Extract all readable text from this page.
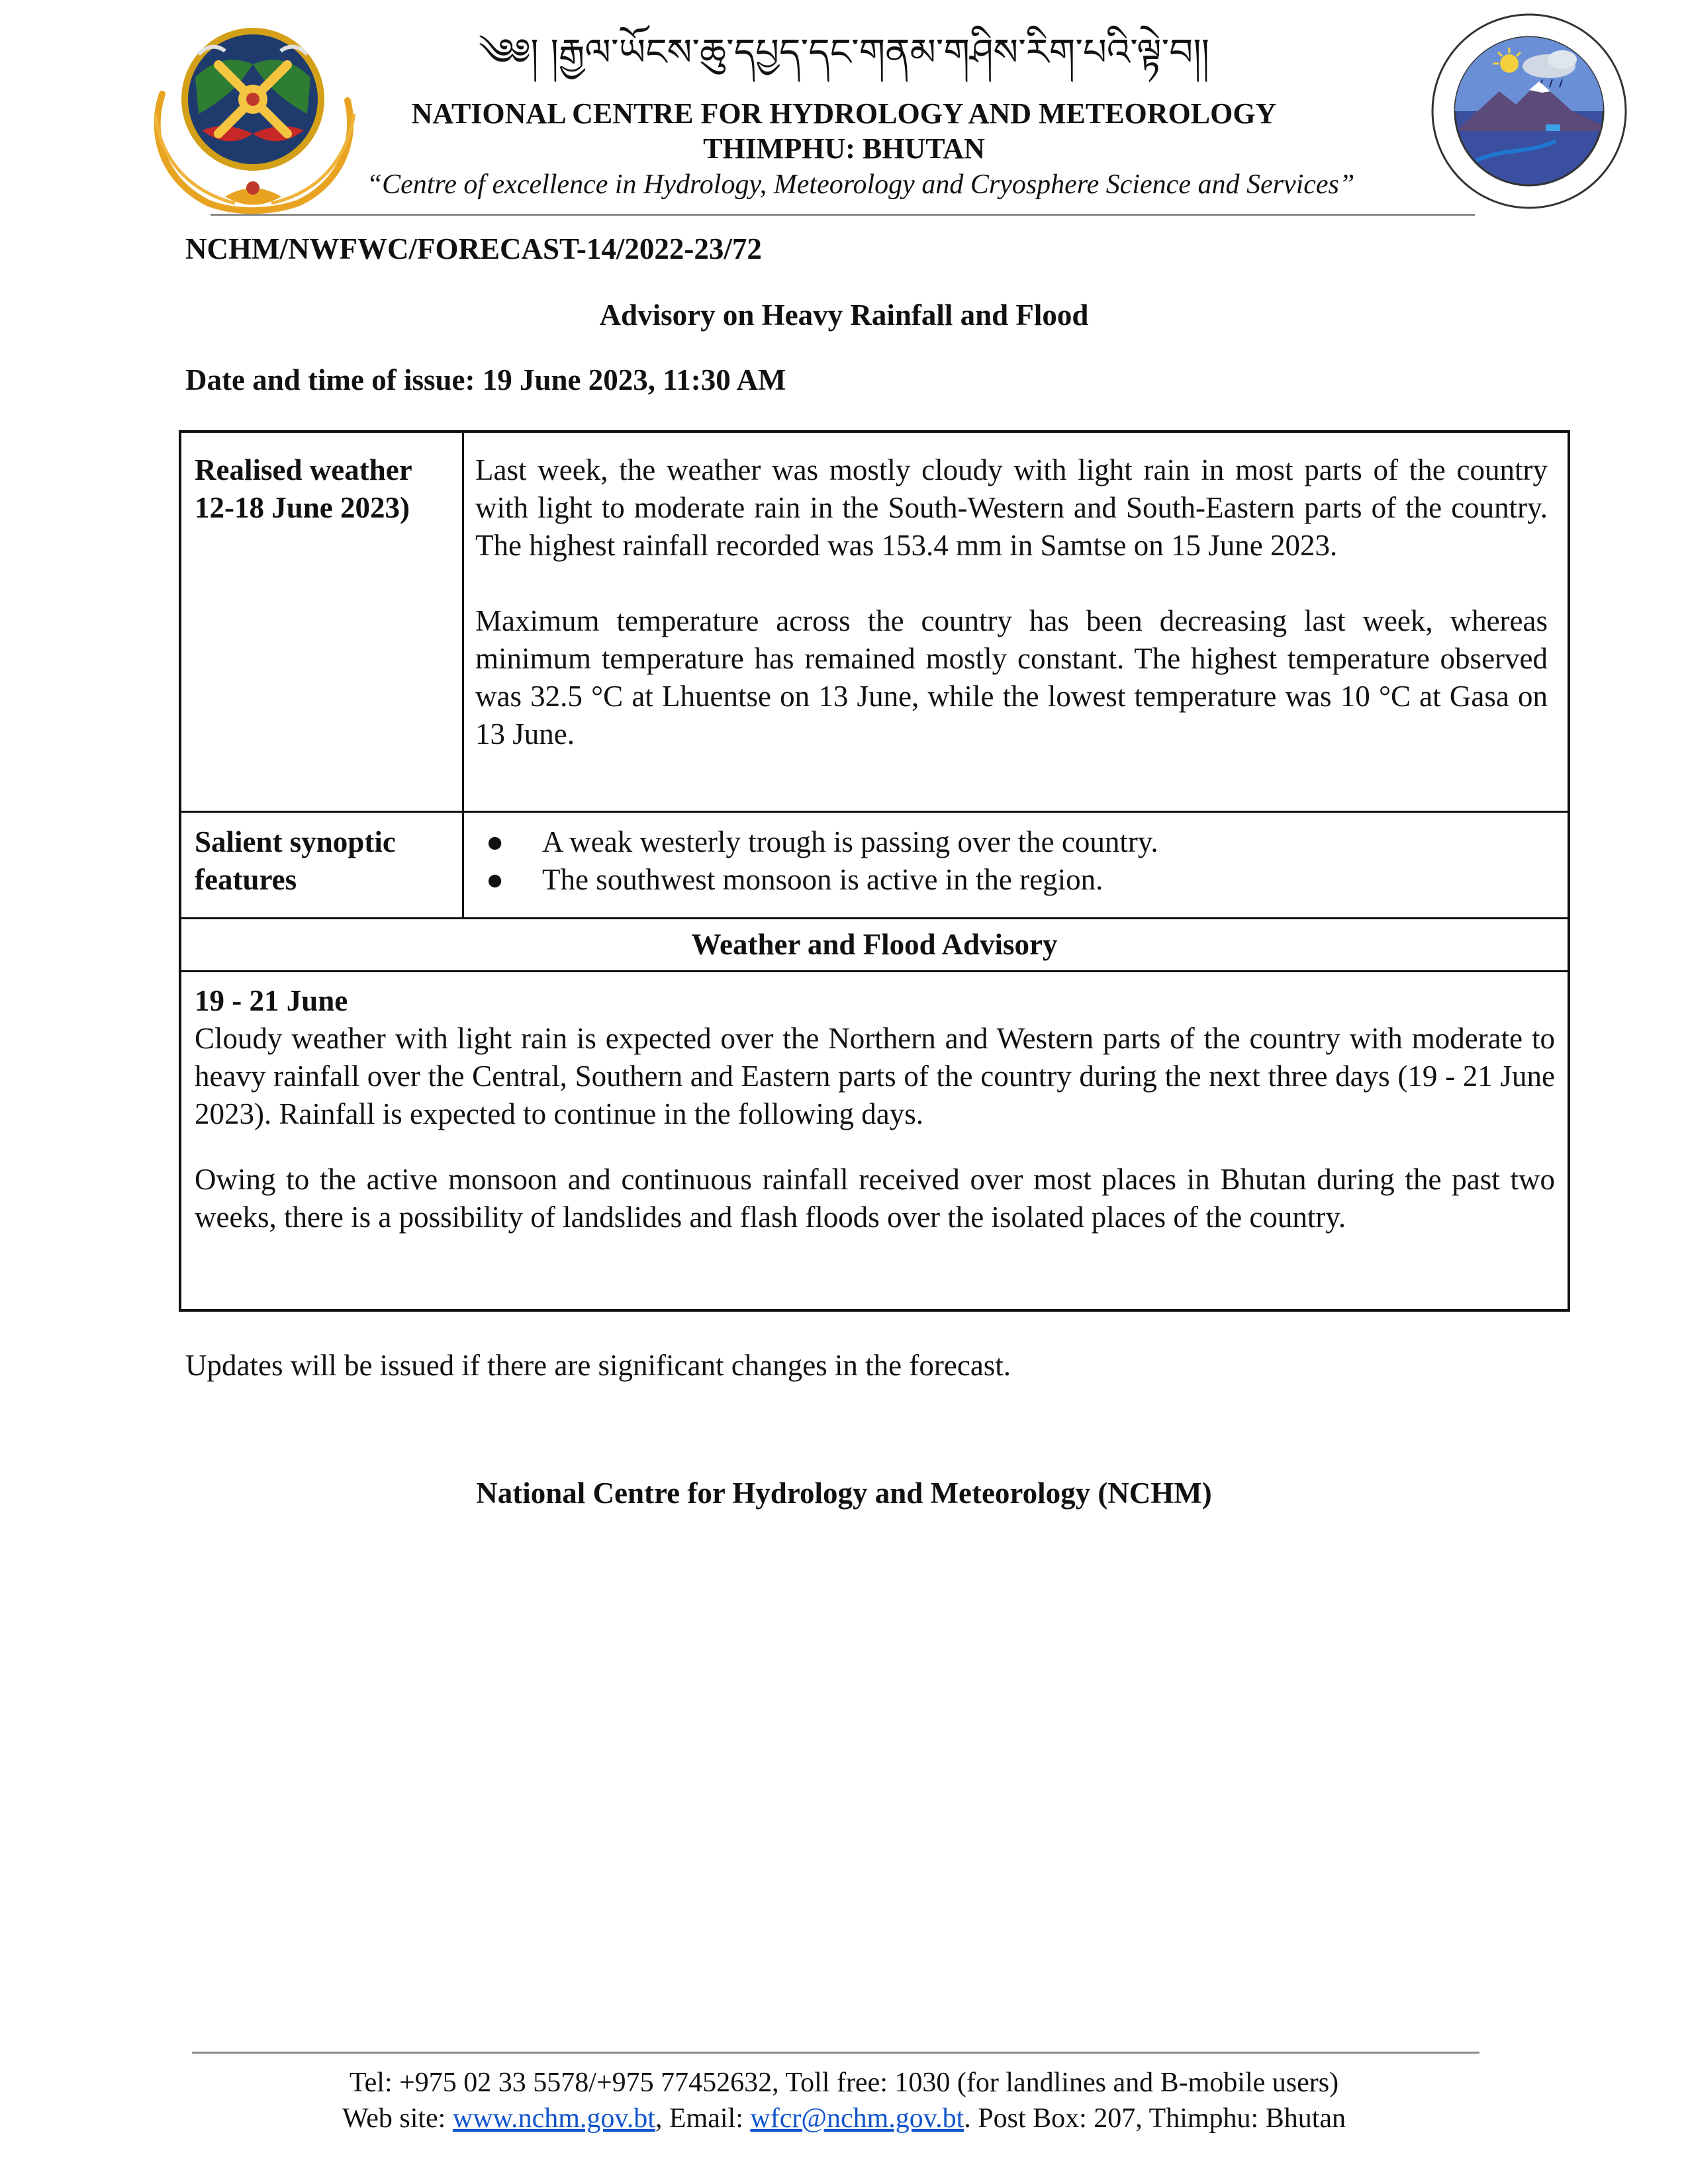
༄༅། །རྒྱལ་ཡོངས་ཆུ་དཔྱད་དང་གནམ་གཤིས་རིག་པའི་ལྟེ་བ།།
NATIONAL CENTRE FOR HYDROLOGY AND METEOROLOGY
THIMPHU: BHUTAN
“Centre of excellence in Hydrology, Meteorology and Cryosphere Science and Services”
NCHM/NWFWC/FORECAST-14/2022-23/72
Advisory on Heavy Rainfall and Flood
Date and time of issue: 19 June 2023, 11:30 AM
Realised weather
12-18 June 2023)
Last week, the weather was mostly cloudy with light rain in most parts of the country with light to moderate rain in the South-Western and South-Eastern parts of the country. The highest rainfall recorded was 153.4 mm in Samtse on 15 June 2023.
Maximum temperature across the country has been decreasing last week, whereas minimum temperature has remained mostly constant. The highest temperature observed was 32.5 °C at Lhuentse on 13 June, while the lowest temperature was 10 °C at Gasa on 13 June.
Salient synoptic
features
● A weak westerly trough is passing over the country.
● The southwest monsoon is active in the region.
Weather and Flood Advisory
19 - 21 June
Cloudy weather with light rain is expected over the Northern and Western parts of the country with moderate to heavy rainfall over the Central, Southern and Eastern parts of the country during the next three days (19 - 21 June 2023). Rainfall is expected to continue in the following days.
Owing to the active monsoon and continuous rainfall received over most places in Bhutan during the past two weeks, there is a possibility of landslides and flash floods over the isolated places of the country.
Updates will be issued if there are significant changes in the forecast.
National Centre for Hydrology and Meteorology (NCHM)
Tel: +975 02 33 5578/+975 77452632, Toll free: 1030 (for landlines and B-mobile users)
Web site: www.nchm.gov.bt, Email: wfcr@nchm.gov.bt. Post Box: 207, Thimphu: Bhutan
